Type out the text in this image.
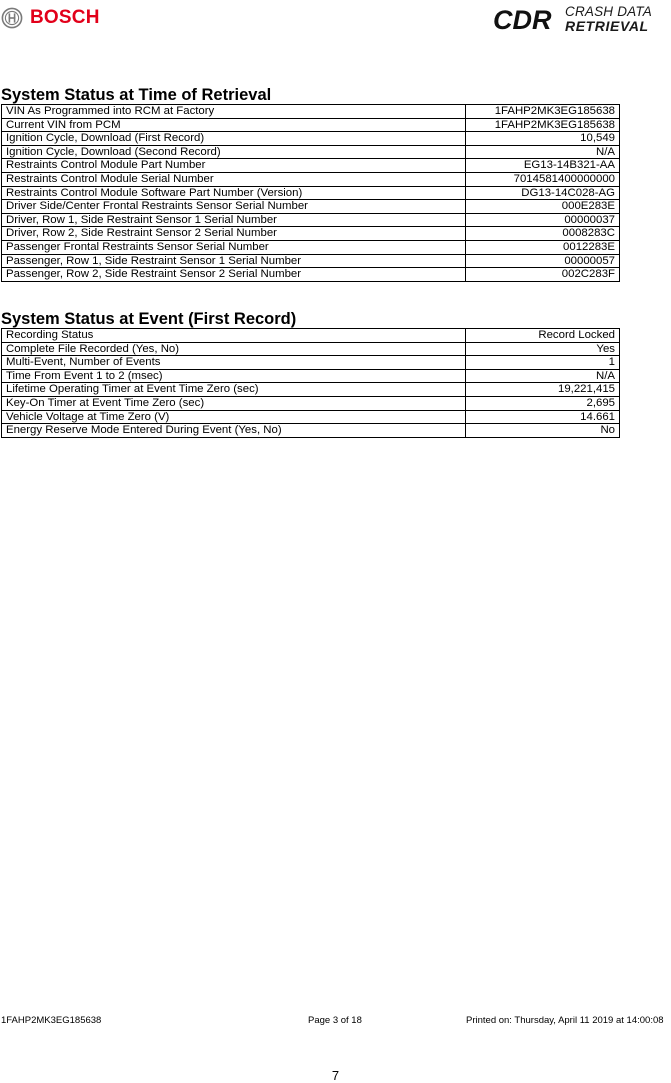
BOSCH	CDR CRASH DATA
RETRIEVAL
System Status at Time of Retrieval
VIN As Programmed into RCM at Factory	1FAHP2MK3EG185638
Current VIN from PCM	1FAHP2MK3EG185638
Ignition Cycle, Download (First Record)	10,549
Ignition Cycle, Download (Second Record)	N/A
Restraints Control Module Part Number	EG13-14B321-AA
Restraints Control Module Serial Number	7014581400000000
Restraints Control Module Software Part Number (Version)	DG13-14C028-AG
Driver Side/Center Frontal Restraints Sensor Serial Number	000E283E
Driver, Row 1, Side Restraint Sensor 1 Serial Number	00000037
Driver, Row 2, Side Restraint Sensor 2 Serial Number	0008283C
Passenger Frontal Restraints Sensor Serial Number	0012283E
Passenger, Row 1, Side Restraint Sensor 1 Serial Number	00000057
Passenger, Row 2, Side Restraint Sensor 2 Serial Number	002C283F
System Status at Event (First Record)
Recording Status	Record Locked
Complete File Recorded (Yes, No)	Yes
Multi-Event, Number of Events	1
Time From Event 1 to 2 (msec)	N/A
Lifetime Operating Timer at Event Time Zero (sec)	19,221,415
Key-On Timer at Event Time Zero (sec)	2,695
Vehicle Voltage at Time Zero (V)	14.661
Energy Reserve Mode Entered During Event (Yes, No)	No
1FAHP2MK3EG185638	Page 3 of 18	Printed on: Thursday, April 11 2019 at 14:00:08
7
